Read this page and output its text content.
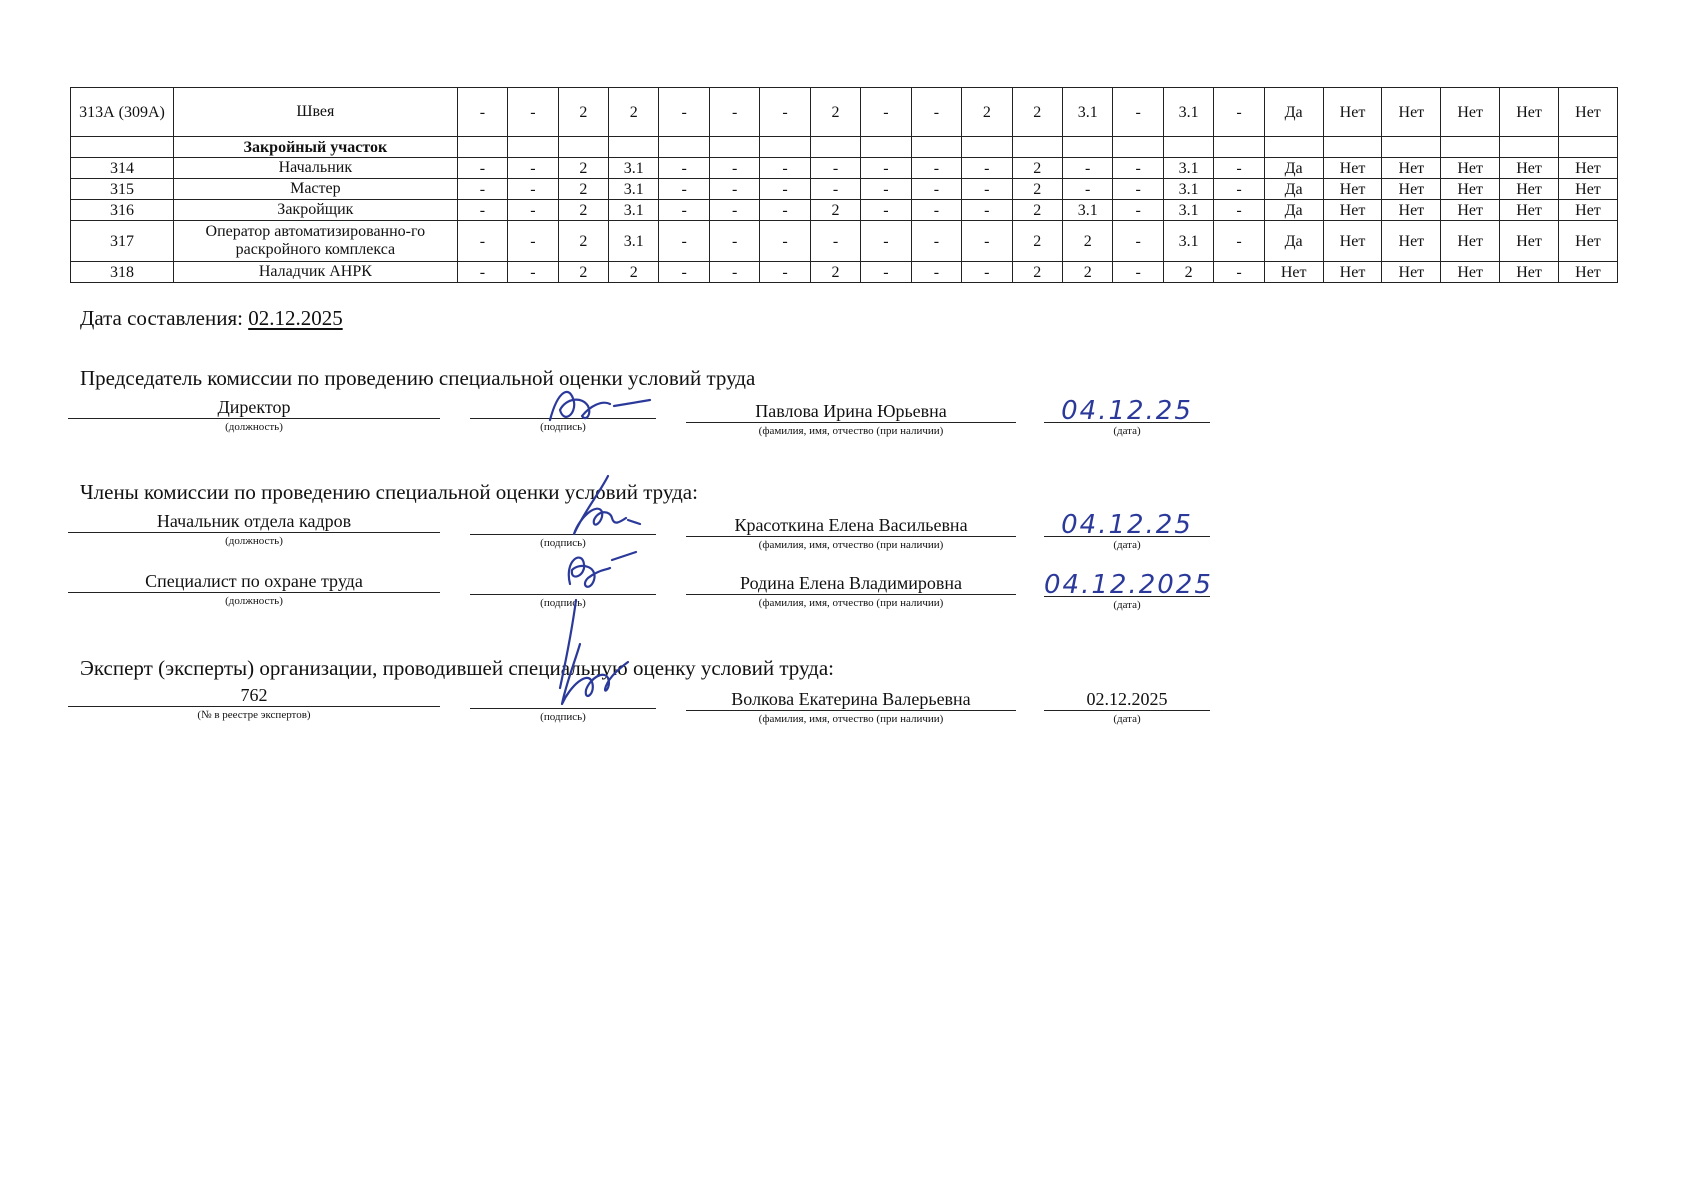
313А (309А)	Швея	-	-	2	2	-	-	-	2	-	-	2	2	3.1	-	3.1	-	Да	Нет	Нет	Нет	Нет	Нет
	Закройный участок																						
314	Начальник	-	-	2	3.1	-	-	-	-	-	-	-	2	-	-	3.1	-	Да	Нет	Нет	Нет	Нет	Нет
315	Мастер	-	-	2	3.1	-	-	-	-	-	-	-	2	-	-	3.1	-	Да	Нет	Нет	Нет	Нет	Нет
316	Закройщик	-	-	2	3.1	-	-	-	2	-	-	-	2	3.1	-	3.1	-	Да	Нет	Нет	Нет	Нет	Нет
317	Оператор автоматизированно-го раскройного комплекса	-	-	2	3.1	-	-	-	-	-	-	-	2	2	-	3.1	-	Да	Нет	Нет	Нет	Нет	Нет
318	Наладчик АНРК	-	-	2	2	-	-	-	2	-	-	-	2	2	-	2	-	Нет	Нет	Нет	Нет	Нет	Нет
Дата составления: 02.12.2025
Председатель комиссии по проведению специальной оценки условий труда
Директор
(должность)	(подпись)
Павлова Ирина Юрьевна
(фамилия, имя, отчество (при наличии)
04.12.25
(дата)
Члены комиссии по проведению специальной оценки условий труда:
Начальник отдела кадров
(должность)	(подпись)
Красоткина Елена Васильевна
(фамилия, имя, отчество (при наличии)
04.12.25
(дата)
Специалист по охране труда
(должность)	(подпись)
Родина Елена Владимировна
(фамилия, имя, отчество (при наличии)
04.12.2025
(дата)
Эксперт (эксперты) организации, проводившей специальную оценку условий труда:
762
(№ в реестре экспертов)	(подпись)
Волкова Екатерина Валерьевна
(фамилия, имя, отчество (при наличии)
02.12.2025
(дата)
